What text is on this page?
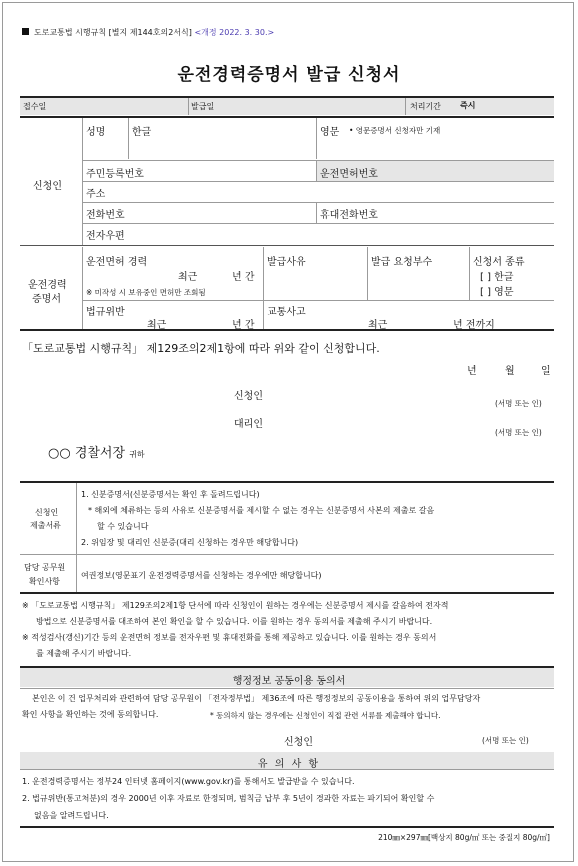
도로교통법 시행규칙 [별지 제144호의2서식] <개정 2022. 3. 30.>
운전경력증명서 발급 신청서
접수일	발급일	처리기간 즉시
신청인
성명	한글	영문 • 영문증명서 신청자만 기재
주민등록번호	운전면허번호
주소
전화번호	휴대전화번호
전자우편
운전경력
증명서
운전면허 경력
최근	년 간
※ 미작성 시 보유중인 면허만 조회됨
발급사유	발급 요청부수	신청서 종류
[ ] 한글
[ ] 영문
법규위반
최근	년 간
교통사고
최근	년 전까지
「도로교통법 시행규칙」 제129조의2제1항에 따라 위와 같이 신청합니다.
년	월	일
신청인
(서명 또는 인)
대리인
(서명 또는 인)
○○ 경찰서장 귀하
신청인
제출서류
1. 신분증명서(신분증명서는 확인 후 돌려드립니다)
* 해외에 체류하는 등의 사유로 신분증명서를 제시할 수 없는 경우는 신분증명서 사본의 제출로 갈음
할 수 있습니다
2. 위임장 및 대리인 신분증(대리 신청하는 경우만 해당합니다)
담당 공무원
확인사항
여권정보(영문표기 운전경력증명서를 신청하는 경우에만 해당합니다)
※ 「도로교통법 시행규칙」 제129조의2제1항 단서에 따라 신청인이 원하는 경우에는 신분증명서 제시를 갈음하여 전자적
방법으로 신분증명서를 대조하여 본인 확인을 할 수 있습니다. 이를 원하는 경우 동의서를 제출해 주시기 바랍니다.
※ 적성검사(갱신)기간 등의 운전면허 정보를 전자우편 및 휴대전화를 통해 제공하고 있습니다. 이를 원하는 경우 동의서
를 제출해 주시기 바랍니다.
행정정보 공동이용 동의서
본인은 이 건 업무처리와 관련하여 담당 공무원이 「전자정부법」 제36조에 따른 행정정보의 공동이용을 통하여 위의 업무담당자
확인 사항을 확인하는 것에 동의합니다.	* 동의하지 않는 경우에는 신청인이 직접 관련 서류를 제출해야 합니다.
신청인	(서명 또는 인)
유 의 사 항
1. 운전경력증명서는 정부24 인터넷 홈페이지(www.gov.kr)를 통해서도 발급받을 수 있습니다.
2. 법규위반(통고처분)의 경우 2000년 이후 자료로 한정되며, 범칙금 납부 후 5년이 경과한 자료는 파기되어 확인할 수
없음을 알려드립니다.
210㎜×297㎜[백상지 80g/㎡ 또는 중질지 80g/㎡]
